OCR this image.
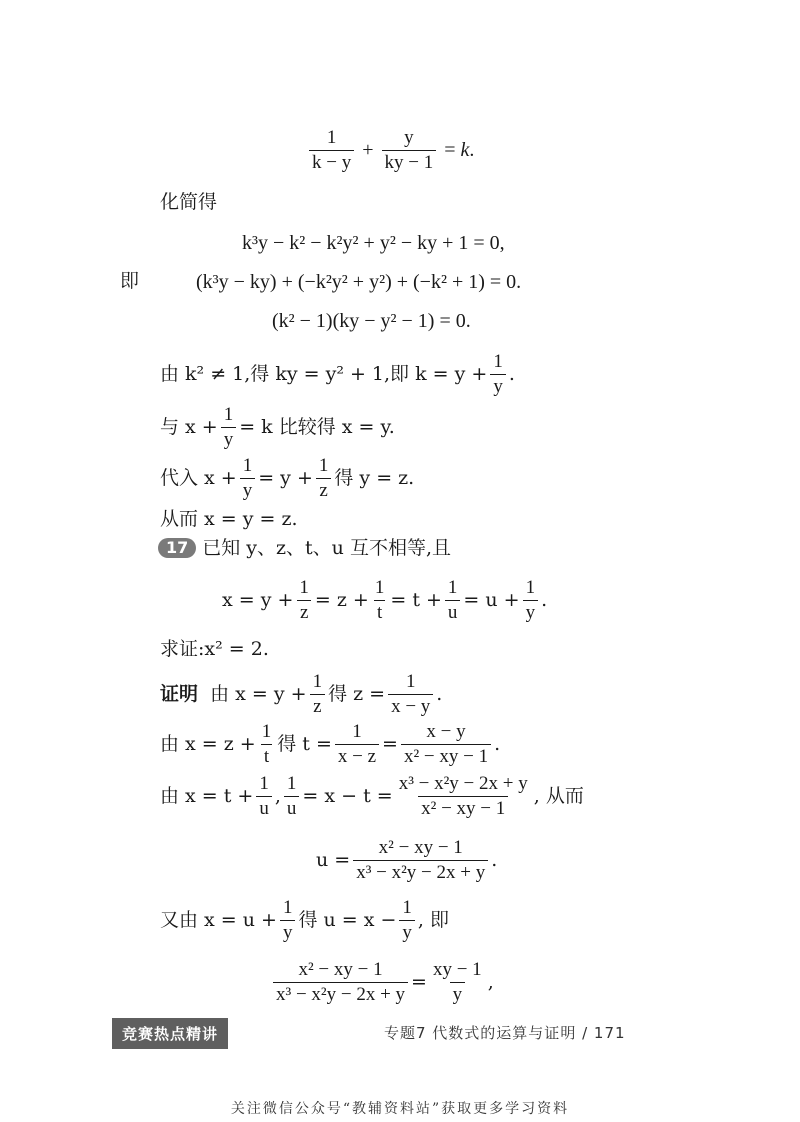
$\frac{1}{k - y} + \frac{y}{ky - 1} = k$.
化简得
k³y − k² − k²y² + y² − ky + 1 = 0,
即	(k³y − ky) + (−k²y² + y²) + (−k² + 1) = 0.
(k² − 1)(ky − y² − 1) = 0.
由 k² ≠ 1,得 ky = y² + 1,即 $k = y + \frac{1}{y}$ .
与 $x + \frac{1}{y} = k$ 比较得 x = y.
代入 $x + \frac{1}{y} = y + \frac{1}{z}$ 得 y = z.
从而 x = y = z.
17 已知 y、z、t、u 互不相等,且
$x = y + \frac{1}{z} = z + \frac{1}{t} = t + \frac{1}{u} = u + \frac{1}{y}$ .
求证:x² = 2.
证明
由 $x = y + \frac{1}{z}$ 得 $z = \frac{1}{x - y}$ .
由 $x = z + \frac{1}{t}$ 得 $t = \frac{1}{x - z} = \frac{x - y}{\text{x² − xy − 1}}$ .
由 $x = t + \frac{1}{u}$ , $\frac{1}{u} = x - t = \frac{\text{x³ − x²y − 2x + y}}{\text{x² − xy − 1}}$ , 从而
$u = \frac{\text{x² − xy − 1}}{\text{x³ − x²y − 2x + y}}$ .
又由 $x = u + \frac{1}{y}$ 得 $u = x - \frac{1}{y}$ , 即
$\frac{\text{x² − xy − 1}}{\text{x³ − x²y − 2x + y}} = \frac{xy - 1}{y}$ ,
竞赛热点精讲	专题7 代数式的运算与证明 / 171
关注微信公众号“教辅资料站”获取更多学习资料
